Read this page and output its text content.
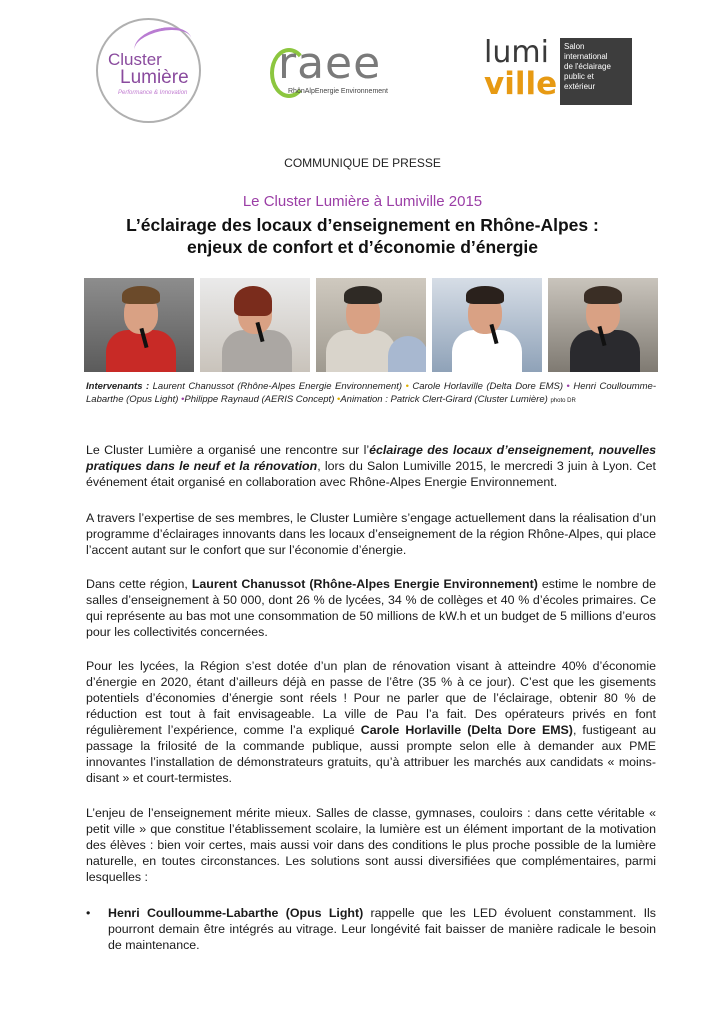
Cluster
Lumière
Performance & Innovation
raee
RhônAlpEnergie Environnement
lumi
ville
Salon
international
de l'éclairage
public et
extérieur
COMMUNIQUE DE PRESSE
Le Cluster Lumière à Lumiville 2015
L’éclairage des locaux d’enseignement en Rhône-Alpes :
enjeux de confort et d’économie d’énergie
Intervenants : Laurent Chanussot (Rhône-Alpes Energie Environnement) • Carole Horlaville (Delta Dore EMS) • Henri Coulloumme-Labarthe (Opus Light) •Philippe Raynaud (AERIS Concept) •Animation : Patrick Clert-Girard (Cluster Lumière) photo DR
Le Cluster Lumière a organisé une rencontre sur l’éclairage des locaux d’enseignement, nouvelles pratiques dans le neuf et la rénovation, lors du Salon Lumiville 2015, le mercredi 3 juin à Lyon. Cet événement était organisé en collaboration avec Rhône-Alpes Energie Environnement.
A travers l’expertise de ses membres, le Cluster Lumière s’engage actuellement dans la réalisation d’un programme d’éclairages innovants dans les locaux d’enseignement de la région Rhône-Alpes, qui place l’accent autant sur le confort que sur l’économie d’énergie.
Dans cette région, Laurent Chanussot (Rhône-Alpes Energie Environnement) estime le nombre de salles d’enseignement à 50 000, dont 26 % de lycées, 34 % de collèges et 40 % d’écoles primaires. Ce qui représente au bas mot une consommation de 50 millions de kW.h et un budget de 5 millions d’euros pour les collectivités concernées.
Pour les lycées, la Région s’est dotée d’un plan de rénovation visant à atteindre 40% d’économie d’énergie en 2020, étant d’ailleurs déjà en passe de l’être (35 % à ce jour). C’est que les gisements potentiels d’économies d’énergie sont réels ! Pour ne parler que de l’éclairage, obtenir 80 % de réduction est tout à fait envisageable. La ville de Pau l’a fait. Des opérateurs privés en font régulièrement l’expérience, comme l’a expliqué Carole Horlaville (Delta Dore EMS), fustigeant au passage la frilosité de la commande publique, aussi prompte selon elle à demander aux PME innovantes l’installation de démonstrateurs gratuits, qu’à attribuer les marchés aux candidats « moins-disant » et court-termistes.
L’enjeu de l’enseignement mérite mieux. Salles de classe, gymnases, couloirs : dans cette véritable « petit ville » que constitue l’établissement scolaire, la lumière est un élément important de la motivation des élèves : bien voir certes, mais aussi voir dans des conditions le plus proche possible de la lumière naturelle, en toutes circonstances. Les solutions sont aussi diversifiées que complémentaires, parmi lesquelles :
• Henri Coulloumme-Labarthe (Opus Light) rappelle que les LED évoluent constamment. Ils pourront demain être intégrés au vitrage. Leur longévité fait baisser de manière radicale le besoin de maintenance.
